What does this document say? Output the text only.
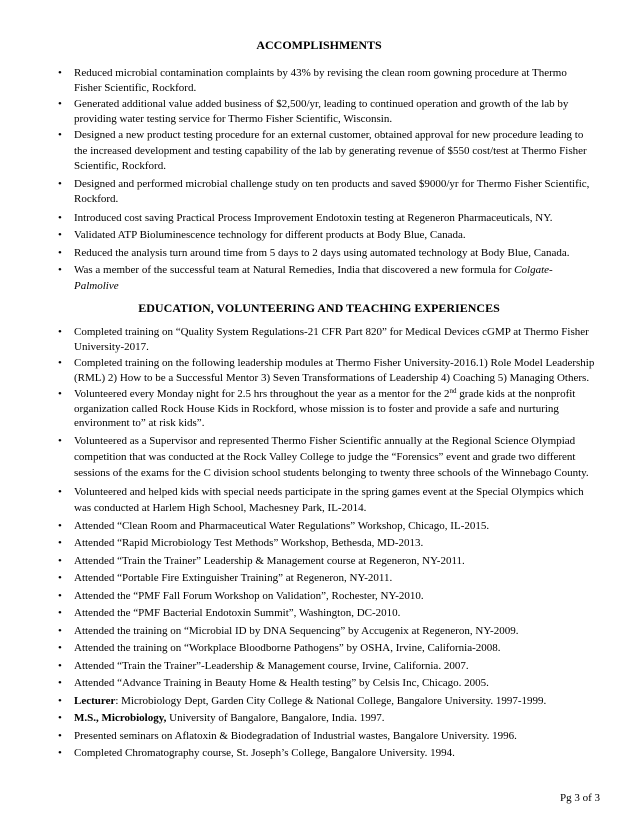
ACCOMPLISHMENTS
• Reduced microbial contamination complaints by 43% by revising the clean room gowning procedure at Thermo Fisher Scientific, Rockford.
• Generated additional value added business of $2,500/yr, leading to continued operation and growth of the lab by providing water testing service for Thermo Fisher Scientific, Wisconsin.
• Designed a new product testing procedure for an external customer, obtained approval for new procedure leading to the increased development and testing capability of the lab by generating revenue of $550 cost/test at Thermo Fisher Scientific, Rockford.
• Designed and performed microbial challenge study on ten products and saved $9000/yr for Thermo Fisher Scientific, Rockford.
• Introduced cost saving Practical Process Improvement Endotoxin testing at Regeneron Pharmaceuticals, NY.
• Validated ATP Bioluminescence technology for different products at Body Blue, Canada.
• Reduced the analysis turn around time from 5 days to 2 days using automated technology at Body Blue, Canada.
• Was a member of the successful team at Natural Remedies, India that discovered a new formula for Colgate-Palmolive
EDUCATION, VOLUNTEERING AND TEACHING EXPERIENCES
• Completed training on “Quality System Regulations-21 CFR Part 820” for Medical Devices cGMP at Thermo Fisher University-2017.
• Completed training on the following leadership modules at Thermo Fisher University-2016.1) Role Model Leadership (RML) 2) How to be a Successful Mentor 3) Seven Transformations of Leadership 4) Coaching 5) Managing Others.
• Volunteered every Monday night for 2.5 hrs throughout the year as a mentor for the 2nd grade kids at the nonprofit organization called Rock House Kids in Rockford, whose mission is to foster and provide a safe and nurturing environment to” at risk kids”.
• Volunteered as a Supervisor and represented Thermo Fisher Scientific annually at the Regional Science Olympiad competition that was conducted at the Rock Valley College to judge the “Forensics” event and grade two different sessions of the exams for the C division school students belonging to twenty three schools of the Winnebago County.
• Volunteered and helped kids with special needs participate in the spring games event at the Special Olympics which was conducted at Harlem High School, Machesney Park, IL-2014.
• Attended “Clean Room and Pharmaceutical Water Regulations” Workshop, Chicago, IL-2015.
• Attended “Rapid Microbiology Test Methods” Workshop, Bethesda, MD-2013.
• Attended “Train the Trainer” Leadership & Management course at Regeneron, NY-2011.
• Attended “Portable Fire Extinguisher Training” at Regeneron, NY-2011.
• Attended the “PMF Fall Forum Workshop on Validation”, Rochester, NY-2010.
• Attended the “PMF Bacterial Endotoxin Summit”, Washington, DC-2010.
• Attended the training on “Microbial ID by DNA Sequencing” by Accugenix at Regeneron, NY-2009.
• Attended the training on “Workplace Bloodborne Pathogens” by OSHA, Irvine, California-2008.
• Attended “Train the Trainer”-Leadership & Management course, Irvine, California. 2007.
• Attended “Advance Training in Beauty Home & Health testing” by Celsis Inc, Chicago. 2005.
• Lecturer: Microbiology Dept, Garden City College & National College, Bangalore University. 1997-1999.
• M.S., Microbiology, University of Bangalore, Bangalore, India. 1997.
• Presented seminars on Aflatoxin & Biodegradation of Industrial wastes, Bangalore University. 1996.
• Completed Chromatography course, St. Joseph’s College, Bangalore University. 1994.
Pg 3 of 3
